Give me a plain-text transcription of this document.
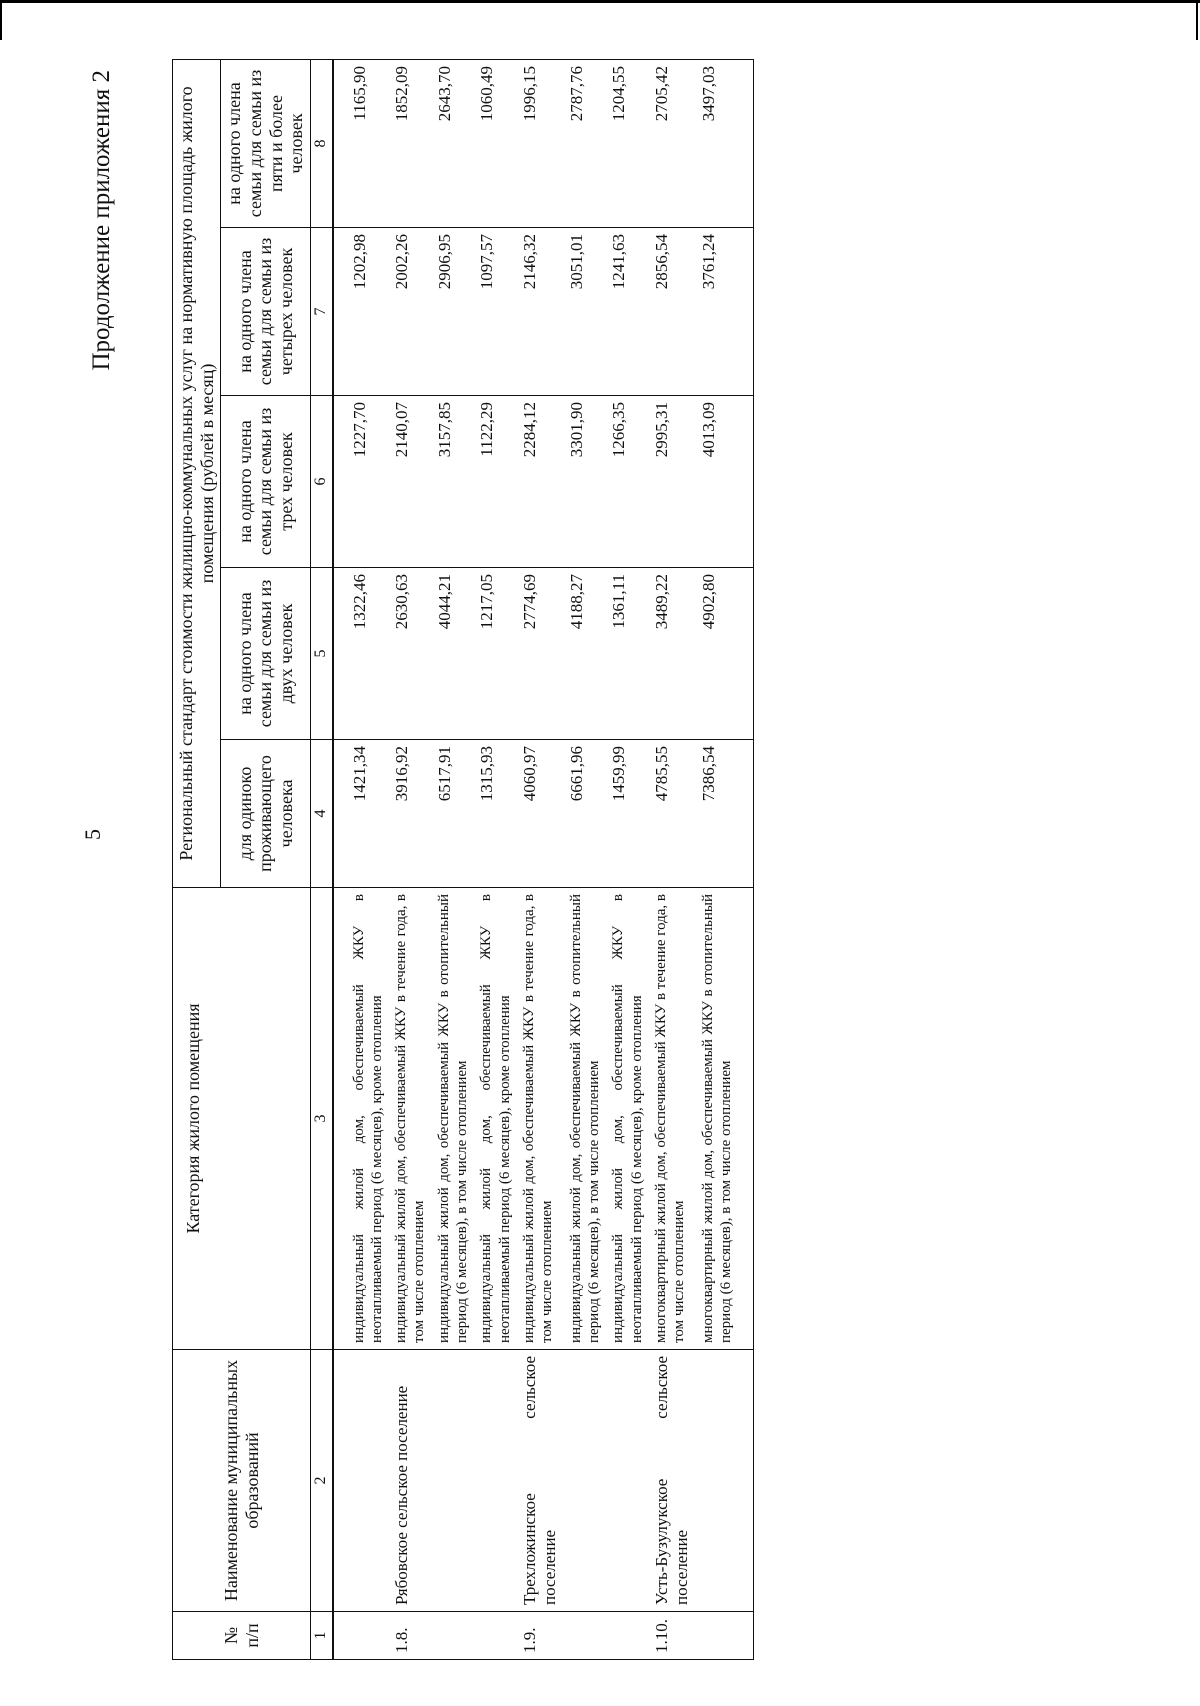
5
Продолжение приложения 2
№ п/п	Наименование муниципальных образований	Категория жилого помещения	Региональный стандарт стоимости жилищно-коммунальных услуг на нормативную площадь жилого помещения (рублей в месяц)				
			для одиноко проживающего человека	на одного члена семьи для семьи из двух человек	на одного члена семьи для семьи из трех человек	на одного члена семьи для семьи из четырех человек	на одного члена семьи для семьи из пяти и более человек
1	2	3	4	5	6	7	8
		индивидуальный жилой дом, обеспечиваемый ЖКУ в неотапливаемый период (6 месяцев), кроме отопления	1421,34	1322,46	1227,70	1202,98	1165,90
1.8.	Рябовское сельское поселение	индивидуальный жилой дом, обеспечиваемый ЖКУ в течение года, в том числе отоплением	3916,92	2630,63	2140,07	2002,26	1852,09
		индивидуальный жилой дом, обеспечиваемый ЖКУ в отопительный период (6 месяцев), в том числе отоплением	6517,91	4044,21	3157,85	2906,95	2643,70
		индивидуальный жилой дом, обеспечиваемый ЖКУ в неотапливаемый период (6 месяцев), кроме отопления	1315,93	1217,05	1122,29	1097,57	1060,49
1.9.	Трехложинское сельское поселение	индивидуальный жилой дом, обеспечиваемый ЖКУ в течение года, в том числе отоплением	4060,97	2774,69	2284,12	2146,32	1996,15
		индивидуальный жилой дом, обеспечиваемый ЖКУ в отопительный период (6 месяцев), в том числе отоплением	6661,96	4188,27	3301,90	3051,01	2787,76
		индивидуальный жилой дом, обеспечиваемый ЖКУ в неотапливаемый период (6 месяцев), кроме отопления	1459,99	1361,11	1266,35	1241,63	1204,55
1.10.	Усть-Бузулукское сельское поселение	многоквартирный жилой дом, обеспечиваемый ЖКУ в течение года, в том числе отоплением	4785,55	3489,22	2995,31	2856,54	2705,42
		многоквартирный жилой дом, обеспечиваемый ЖКУ в отопительный период (6 месяцев), в том числе отоплением	7386,54	4902,80	4013,09	3761,24	3497,03
